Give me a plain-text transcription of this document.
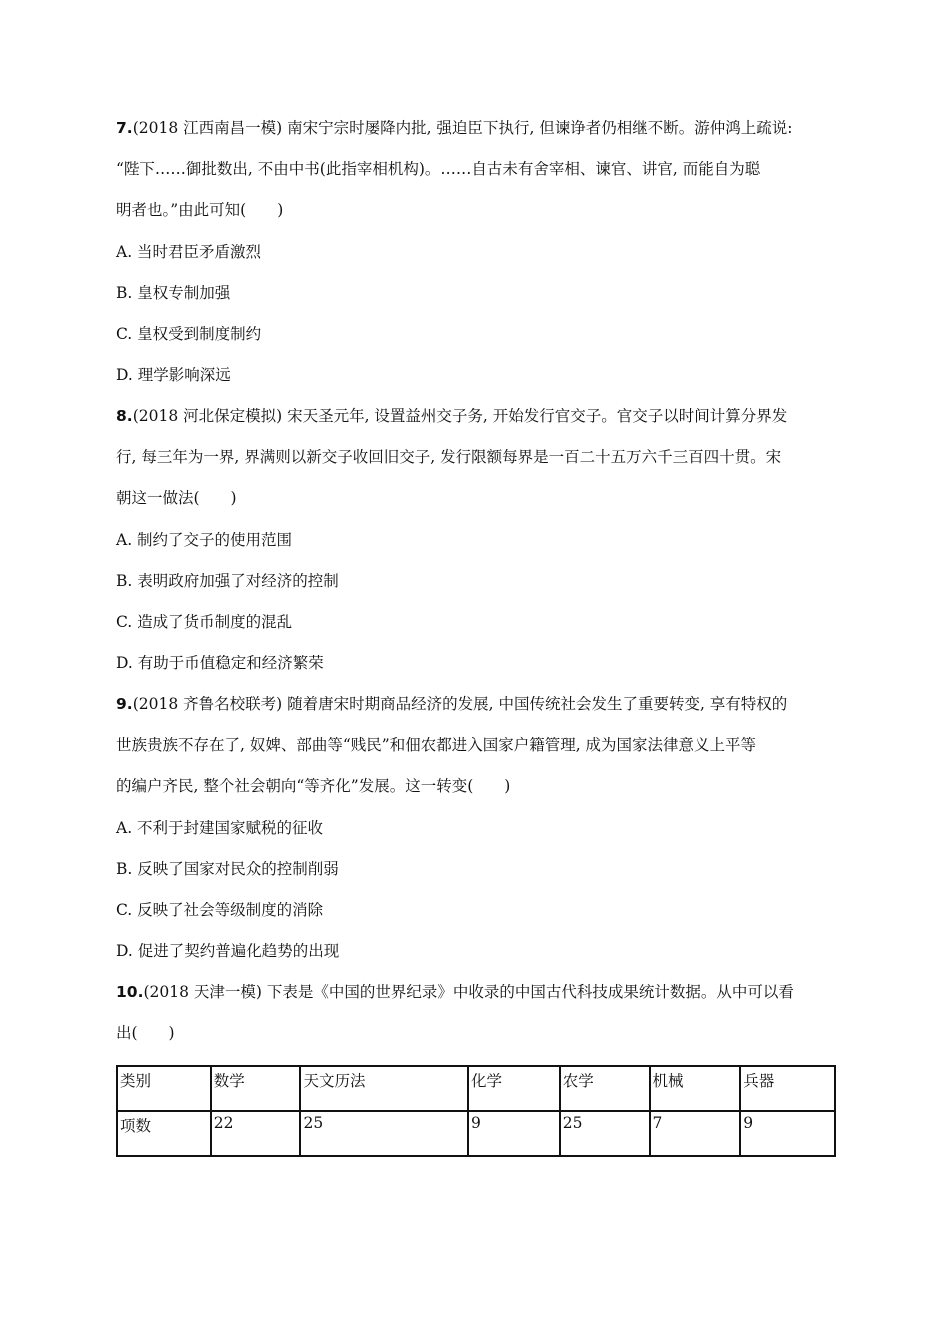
7.(2018 江西南昌一模) 南宋宁宗时屡降内批, 强迫臣下执行, 但谏诤者仍相继不断。游仲鸿上疏说:
“陛下……御批数出, 不由中书(此指宰相机构)。……自古未有舍宰相、谏官、讲官, 而能自为聪
明者也。”由此可知(　　)
A. 当时君臣矛盾激烈
B. 皇权专制加强
C. 皇权受到制度制约
D. 理学影响深远
8.(2018 河北保定模拟) 宋天圣元年, 设置益州交子务, 开始发行官交子。官交子以时间计算分界发
行, 每三年为一界, 界满则以新交子收回旧交子, 发行限额每界是一百二十五万六千三百四十贯。宋
朝这一做法(　　)
A. 制约了交子的使用范围
B. 表明政府加强了对经济的控制
C. 造成了货币制度的混乱
D. 有助于币值稳定和经济繁荣
9.(2018 齐鲁名校联考) 随着唐宋时期商品经济的发展, 中国传统社会发生了重要转变, 享有特权的
世族贵族不存在了, 奴婢、部曲等“贱民”和佃农都进入国家户籍管理, 成为国家法律意义上平等
的编户齐民, 整个社会朝向“等齐化”发展。这一转变(　　)
A. 不利于封建国家赋税的征收
B. 反映了国家对民众的控制削弱
C. 反映了社会等级制度的消除
D. 促进了契约普遍化趋势的出现
10.(2018 天津一模) 下表是《中国的世界纪录》中收录的中国古代科技成果统计数据。从中可以看
出(　　)
类别	数学	天文历法	化学	农学	机械	兵器
项数	22	25	9	25	7	9
